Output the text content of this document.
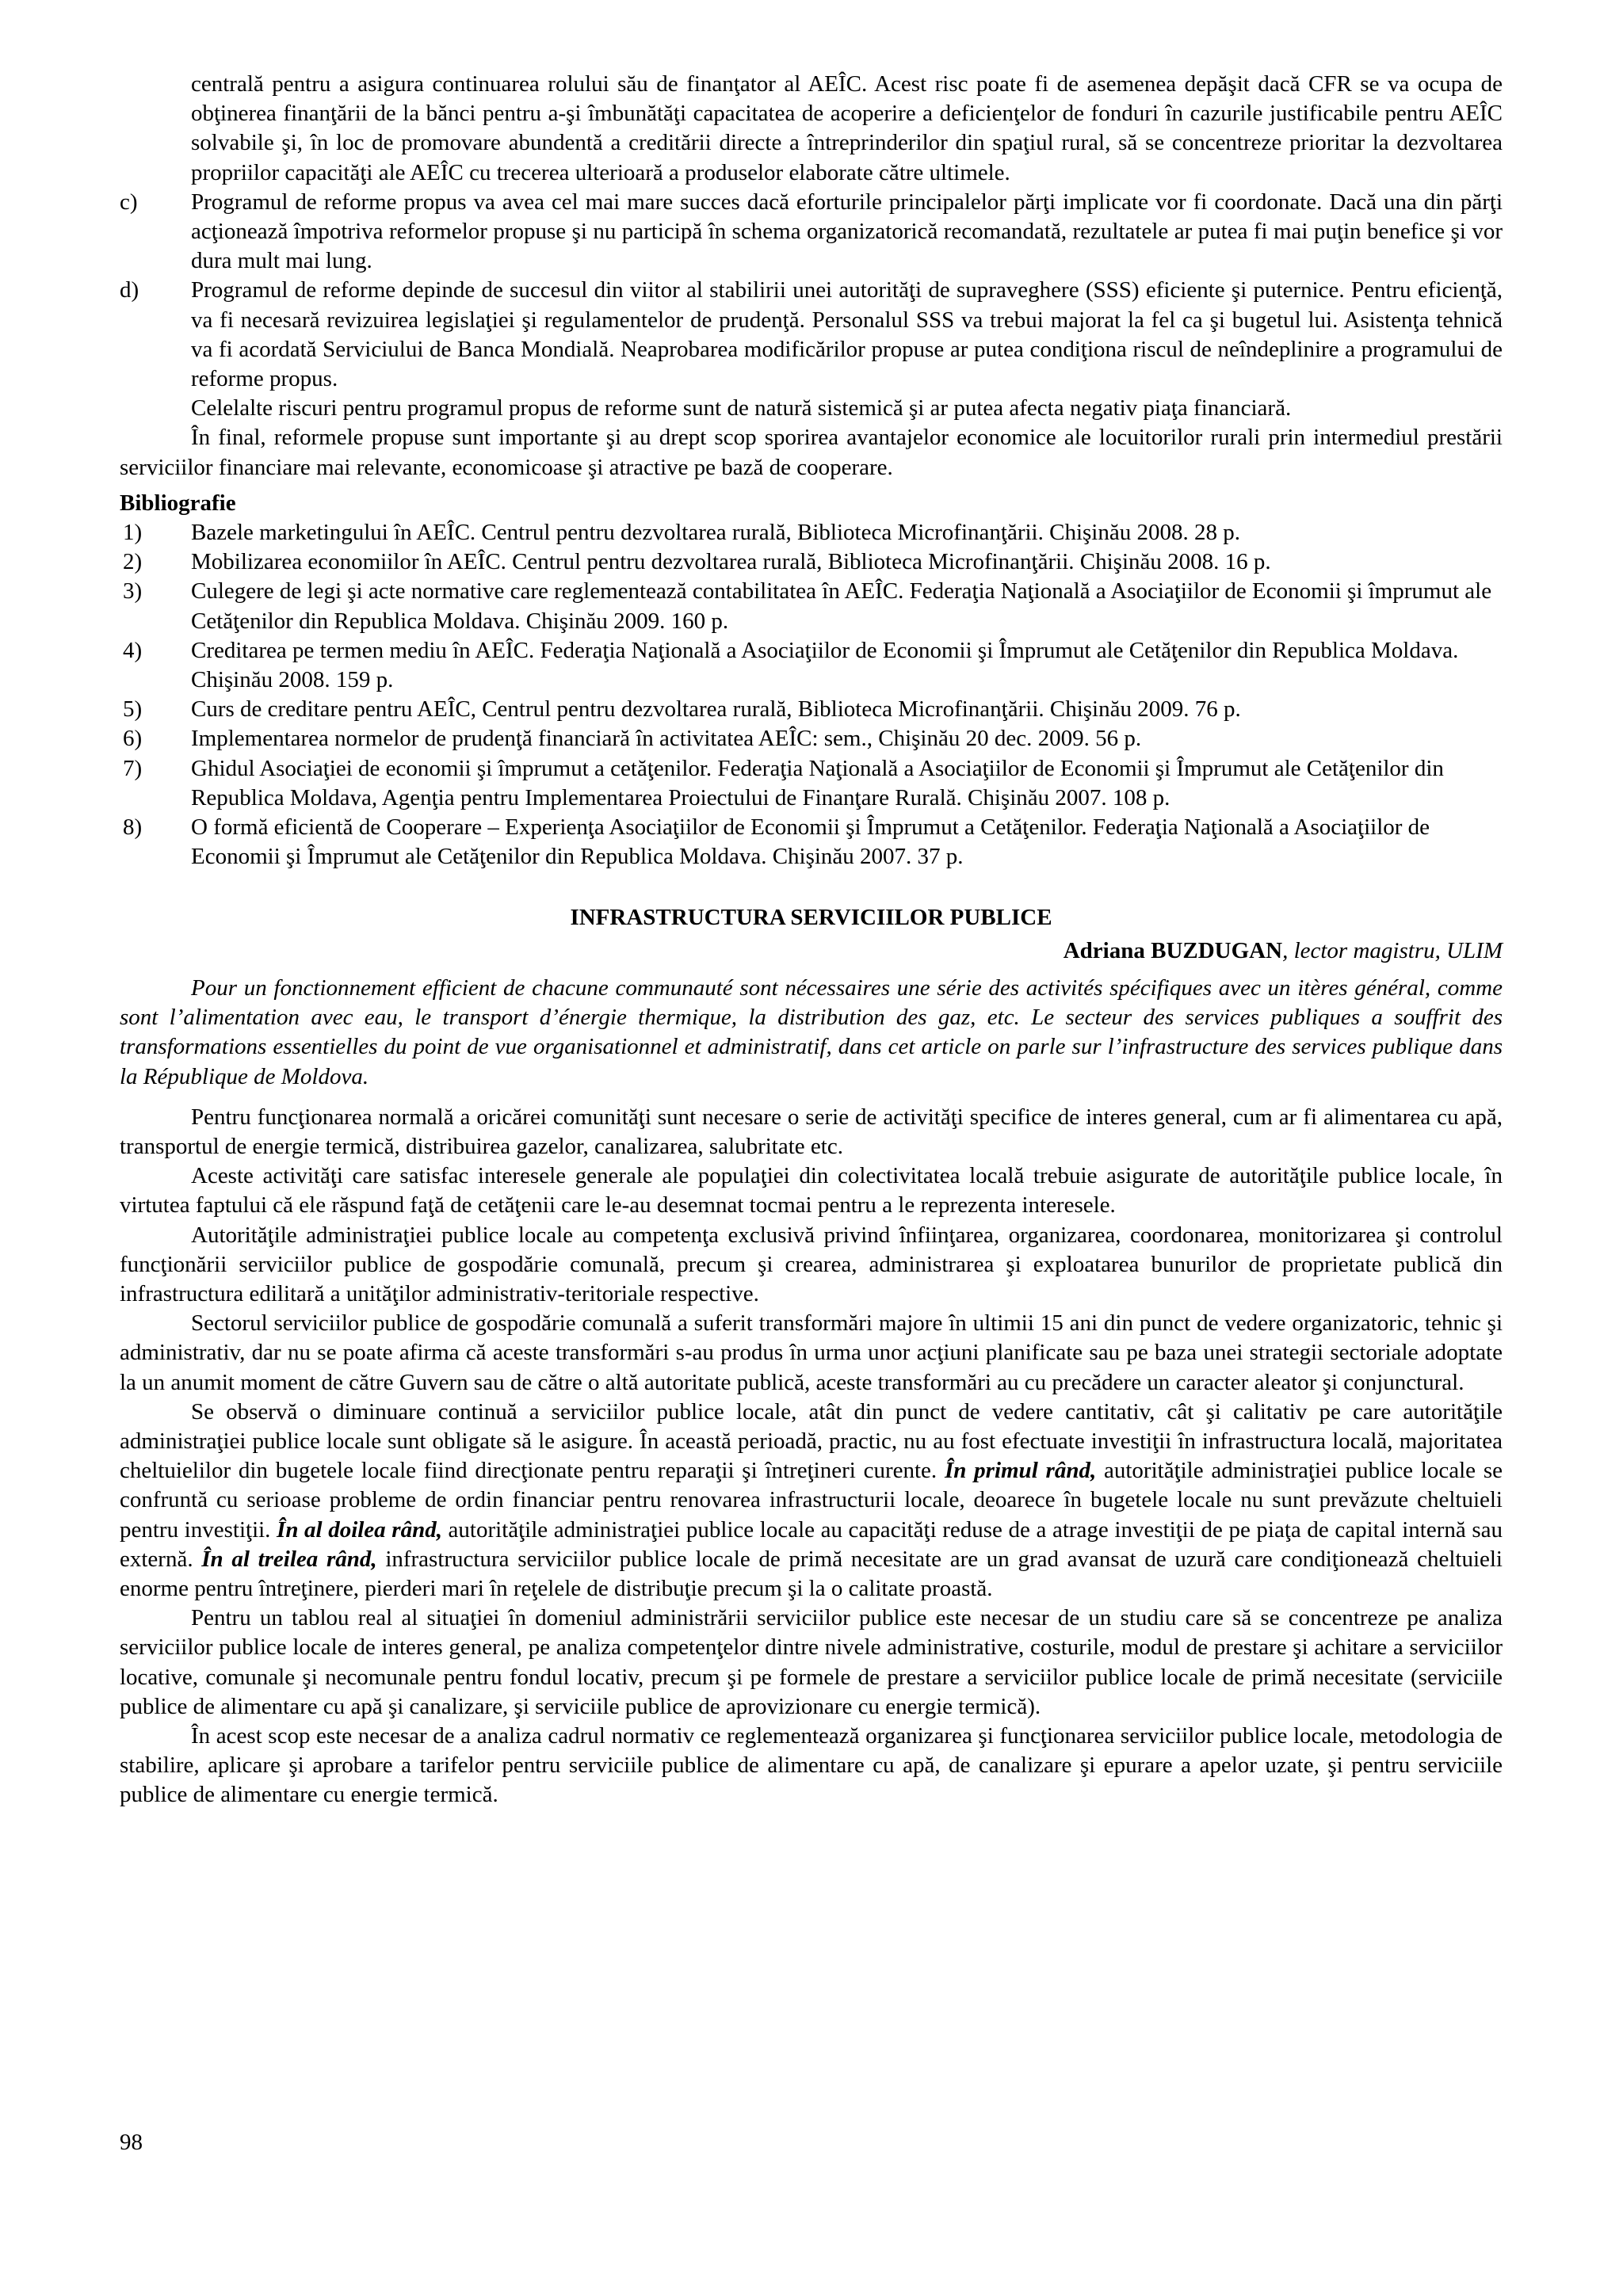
centrală pentru a asigura continuarea rolului său de finanţator al AEÎC. Acest risc poate fi de asemenea depăşit dacă CFR se va ocupa de obţinerea finanţării de la bănci pentru a-şi îmbunătăţi capacitatea de acoperire a deficienţelor de fonduri în cazurile justificabile pentru AEÎC solvabile şi, în loc de promovare abundentă a creditării directe a întreprinderilor din spaţiul rural, să se concentreze prioritar la dezvoltarea propriilor capacităţi ale AEÎC cu trecerea ulterioară a produselor elaborate către ultimele.

c)	Programul de reforme propus va avea cel mai mare succes dacă eforturile principalelor părţi implicate vor fi coordonate. Dacă una din părţi acţionează împotriva reformelor propuse şi nu participă în schema organizatorică recomandată, rezultatele ar putea fi mai puţin benefice şi vor dura mult mai lung.
d)	Programul de reforme depinde de succesul din viitor al stabilirii unei autorităţi de supraveghere (SSS) eficiente şi puternice. Pentru eficienţă, va fi necesară revizuirea legislaţiei şi regulamentelor de prudenţă. Personalul SSS va trebui majorat la fel ca şi bugetul lui. Asistenţa tehnică va fi acordată Serviciului de Banca Mondială. Neaprobarea modificărilor propuse ar putea condiţiona riscul de neîndeplinire a programului de reforme propus.

Celelalte riscuri pentru programul propus de reforme sunt de natură sistemică şi ar putea afecta negativ piaţa financiară.

În final, reformele propuse sunt importante şi au drept scop sporirea avantajelor economice ale locuitorilor rurali prin intermediul prestării serviciilor financiare mai relevante, economicoase şi atractive pe bază de cooperare.

Bibliografie

1)	Bazele marketingului în AEÎC. Centrul pentru dezvoltarea rurală, Biblioteca Microfinanţării. Chişinău 2008. 28 p.
2)	Mobilizarea economiilor în AEÎC. Centrul pentru dezvoltarea rurală, Biblioteca Microfinanţării. Chişinău 2008. 16 p.
3)	Culegere de legi şi acte normative care reglementează contabilitatea în AEÎC. Federaţia Naţională a Asociaţiilor de Economii şi împrumut ale Cetăţenilor din Republica Moldava. Chişinău 2009. 160 p.
4)	Creditarea pe termen mediu în AEÎC. Federaţia Naţională a Asociaţiilor de Economii şi Împrumut ale Cetăţenilor din Republica Moldava. Chişinău 2008. 159 p.
5)	Curs de creditare pentru AEÎC, Centrul pentru dezvoltarea rurală, Biblioteca Microfinanţării. Chişinău 2009. 76 p.
6)	Implementarea normelor de prudenţă financiară în activitatea AEÎC: sem., Chişinău 20 dec. 2009. 56 p.
7)	Ghidul Asociaţiei de economii şi împrumut a cetăţenilor. Federaţia Naţională a Asociaţiilor de Economii şi Împrumut ale Cetăţenilor din Republica Moldava, Agenţia pentru Implementarea Proiectului de Finanţare Rurală. Chişinău 2007. 108 p.
8)	O formă eficientă de Cooperare – Experienţa Asociaţiilor de Economii şi Împrumut a Cetăţenilor. Federaţia Naţională a Asociaţiilor de Economii şi Împrumut ale Cetăţenilor din Republica Moldava. Chişinău 2007. 37 p.

INFRASTRUCTURA SERVICIILOR PUBLICE

Adriana BUZDUGAN, lector magistru, ULIM

Pour un fonctionnement efficient de chacune communauté sont nécessaires une série des activités spécifiques avec un itères général, comme sont l’alimentation avec eau, le transport d’énergie thermique, la distribution des gaz, etc. Le secteur des services publiques a souffrit des transformations essentielles du point de vue organisationnel et administratif, dans cet article on parle sur l’infrastructure des services publique dans la République de Moldova.

Pentru funcţionarea normală a oricărei comunităţi sunt necesare o serie de activităţi specifice de interes general, cum ar fi alimentarea cu apă, transportul de energie termică, distribuirea gazelor, canalizarea, salubritate etc.

Aceste activităţi care satisfac interesele generale ale populaţiei din colectivitatea locală trebuie asigurate de autorităţile publice locale, în virtutea faptului că ele răspund faţă de cetăţenii care le-au desemnat tocmai pentru a le reprezenta interesele.

Autorităţile administraţiei publice locale au competenţa exclusivă privind înfiinţarea, organizarea, coordonarea, monitorizarea şi controlul funcţionării serviciilor publice de gospodărie comunală, precum şi crearea, administrarea şi exploatarea bunurilor de proprietate publică din infrastructura edilitară a unităţilor administrativ-teritoriale respective.

Sectorul serviciilor publice de gospodărie comunală a suferit transformări majore în ultimii 15 ani din punct de vedere organizatoric, tehnic şi administrativ, dar nu se poate afirma că aceste transformări s-au produs în urma unor acţiuni planificate sau pe baza unei strategii sectoriale adoptate la un anumit moment de către Guvern sau de către o altă autoritate publică, aceste transformări au cu precădere un caracter aleator şi conjunctural.

Se observă o diminuare continuă a serviciilor publice locale, atât din punct de vedere cantitativ, cât şi calitativ pe care autorităţile administraţiei publice locale sunt obligate să le asigure. În această perioadă, practic, nu au fost efectuate investiţii în infrastructura locală, majoritatea cheltuielilor din bugetele locale fiind direcţionate pentru reparaţii şi întreţineri curente. În primul rând, autorităţile administraţiei publice locale se confruntă cu serioase probleme de ordin financiar pentru renovarea infrastructurii locale, deoarece în bugetele locale nu sunt prevăzute cheltuieli pentru investiţii. În al doilea rând, autorităţile administraţiei publice locale au capacităţi reduse de a atrage investiţii de pe piaţa de capital internă sau externă. În al treilea rând, infrastructura serviciilor publice locale de primă necesitate are un grad avansat de uzură care condiţionează cheltuieli enorme pentru întreţinere, pierderi mari în reţelele de distribuţie precum şi la o calitate proastă.

Pentru un tablou real al situaţiei în domeniul administrării serviciilor publice este necesar de un studiu care să se concentreze pe analiza serviciilor publice locale de interes general, pe analiza competenţelor dintre nivele administrative, costurile, modul de prestare şi achitare a serviciilor locative, comunale şi necomunale pentru fondul locativ, precum şi pe formele de prestare a serviciilor publice locale de primă necesitate (serviciile publice de alimentare cu apă şi canalizare, şi serviciile publice de aprovizionare cu energie termică).

În acest scop este necesar de a analiza cadrul normativ ce reglementează organizarea şi funcţionarea serviciilor publice locale, metodologia de stabilire, aplicare şi aprobare a tarifelor pentru serviciile publice de alimentare cu apă, de canalizare şi epurare a apelor uzate, şi pentru serviciile publice de alimentare cu energie termică.

98
